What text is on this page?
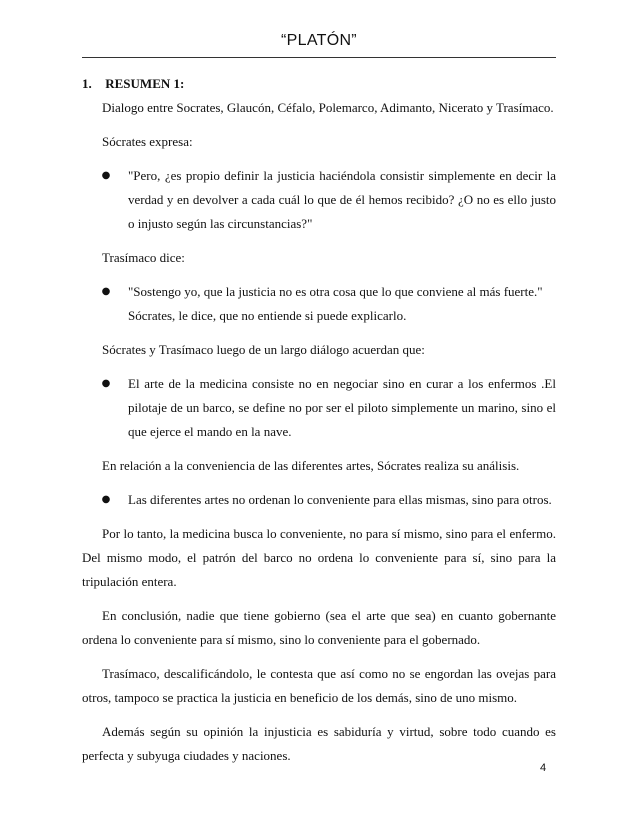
“PLATÓN”

1. RESUMEN 1:

Dialogo entre Socrates, Glaucón, Céfalo, Polemarco, Adimanto, Nicerato y Trasímaco.

Sócrates expresa:

● "Pero, ¿es propio definir la justicia haciéndola consistir simplemente en decir la verdad y en devolver a cada cuál lo que de él hemos recibido? ¿O no es ello justo o injusto según las circunstancias?"

Trasímaco dice:

● "Sostengo yo, que la justicia no es otra cosa que lo que conviene al más fuerte."
Sócrates, le dice, que no entiende si puede explicarlo.

Sócrates y Trasímaco luego de un largo diálogo acuerdan que:

● El arte de la medicina consiste no en negociar sino en curar a los enfermos .El pilotaje de un barco, se define no por ser el piloto simplemente un marino, sino el que ejerce el mando en la nave.

En relación a la conveniencia de las diferentes artes, Sócrates realiza su análisis.

● Las diferentes artes no ordenan lo conveniente para ellas mismas, sino para otros.

Por lo tanto, la medicina busca lo conveniente, no para sí mismo, sino para el enfermo. Del mismo modo, el patrón del barco no ordena lo conveniente para sí, sino para la tripulación entera.

En conclusión, nadie que tiene gobierno (sea el arte que sea) en cuanto gobernante ordena lo conveniente para sí mismo, sino lo conveniente para el gobernado.

Trasímaco, descalificándolo, le contesta que así como no se engordan las ovejas para otros, tampoco se practica la justicia en beneficio de los demás, sino de uno mismo.

Además según su opinión la injusticia es sabiduría y virtud, sobre todo cuando es perfecta y subyuga ciudades y naciones.

4
